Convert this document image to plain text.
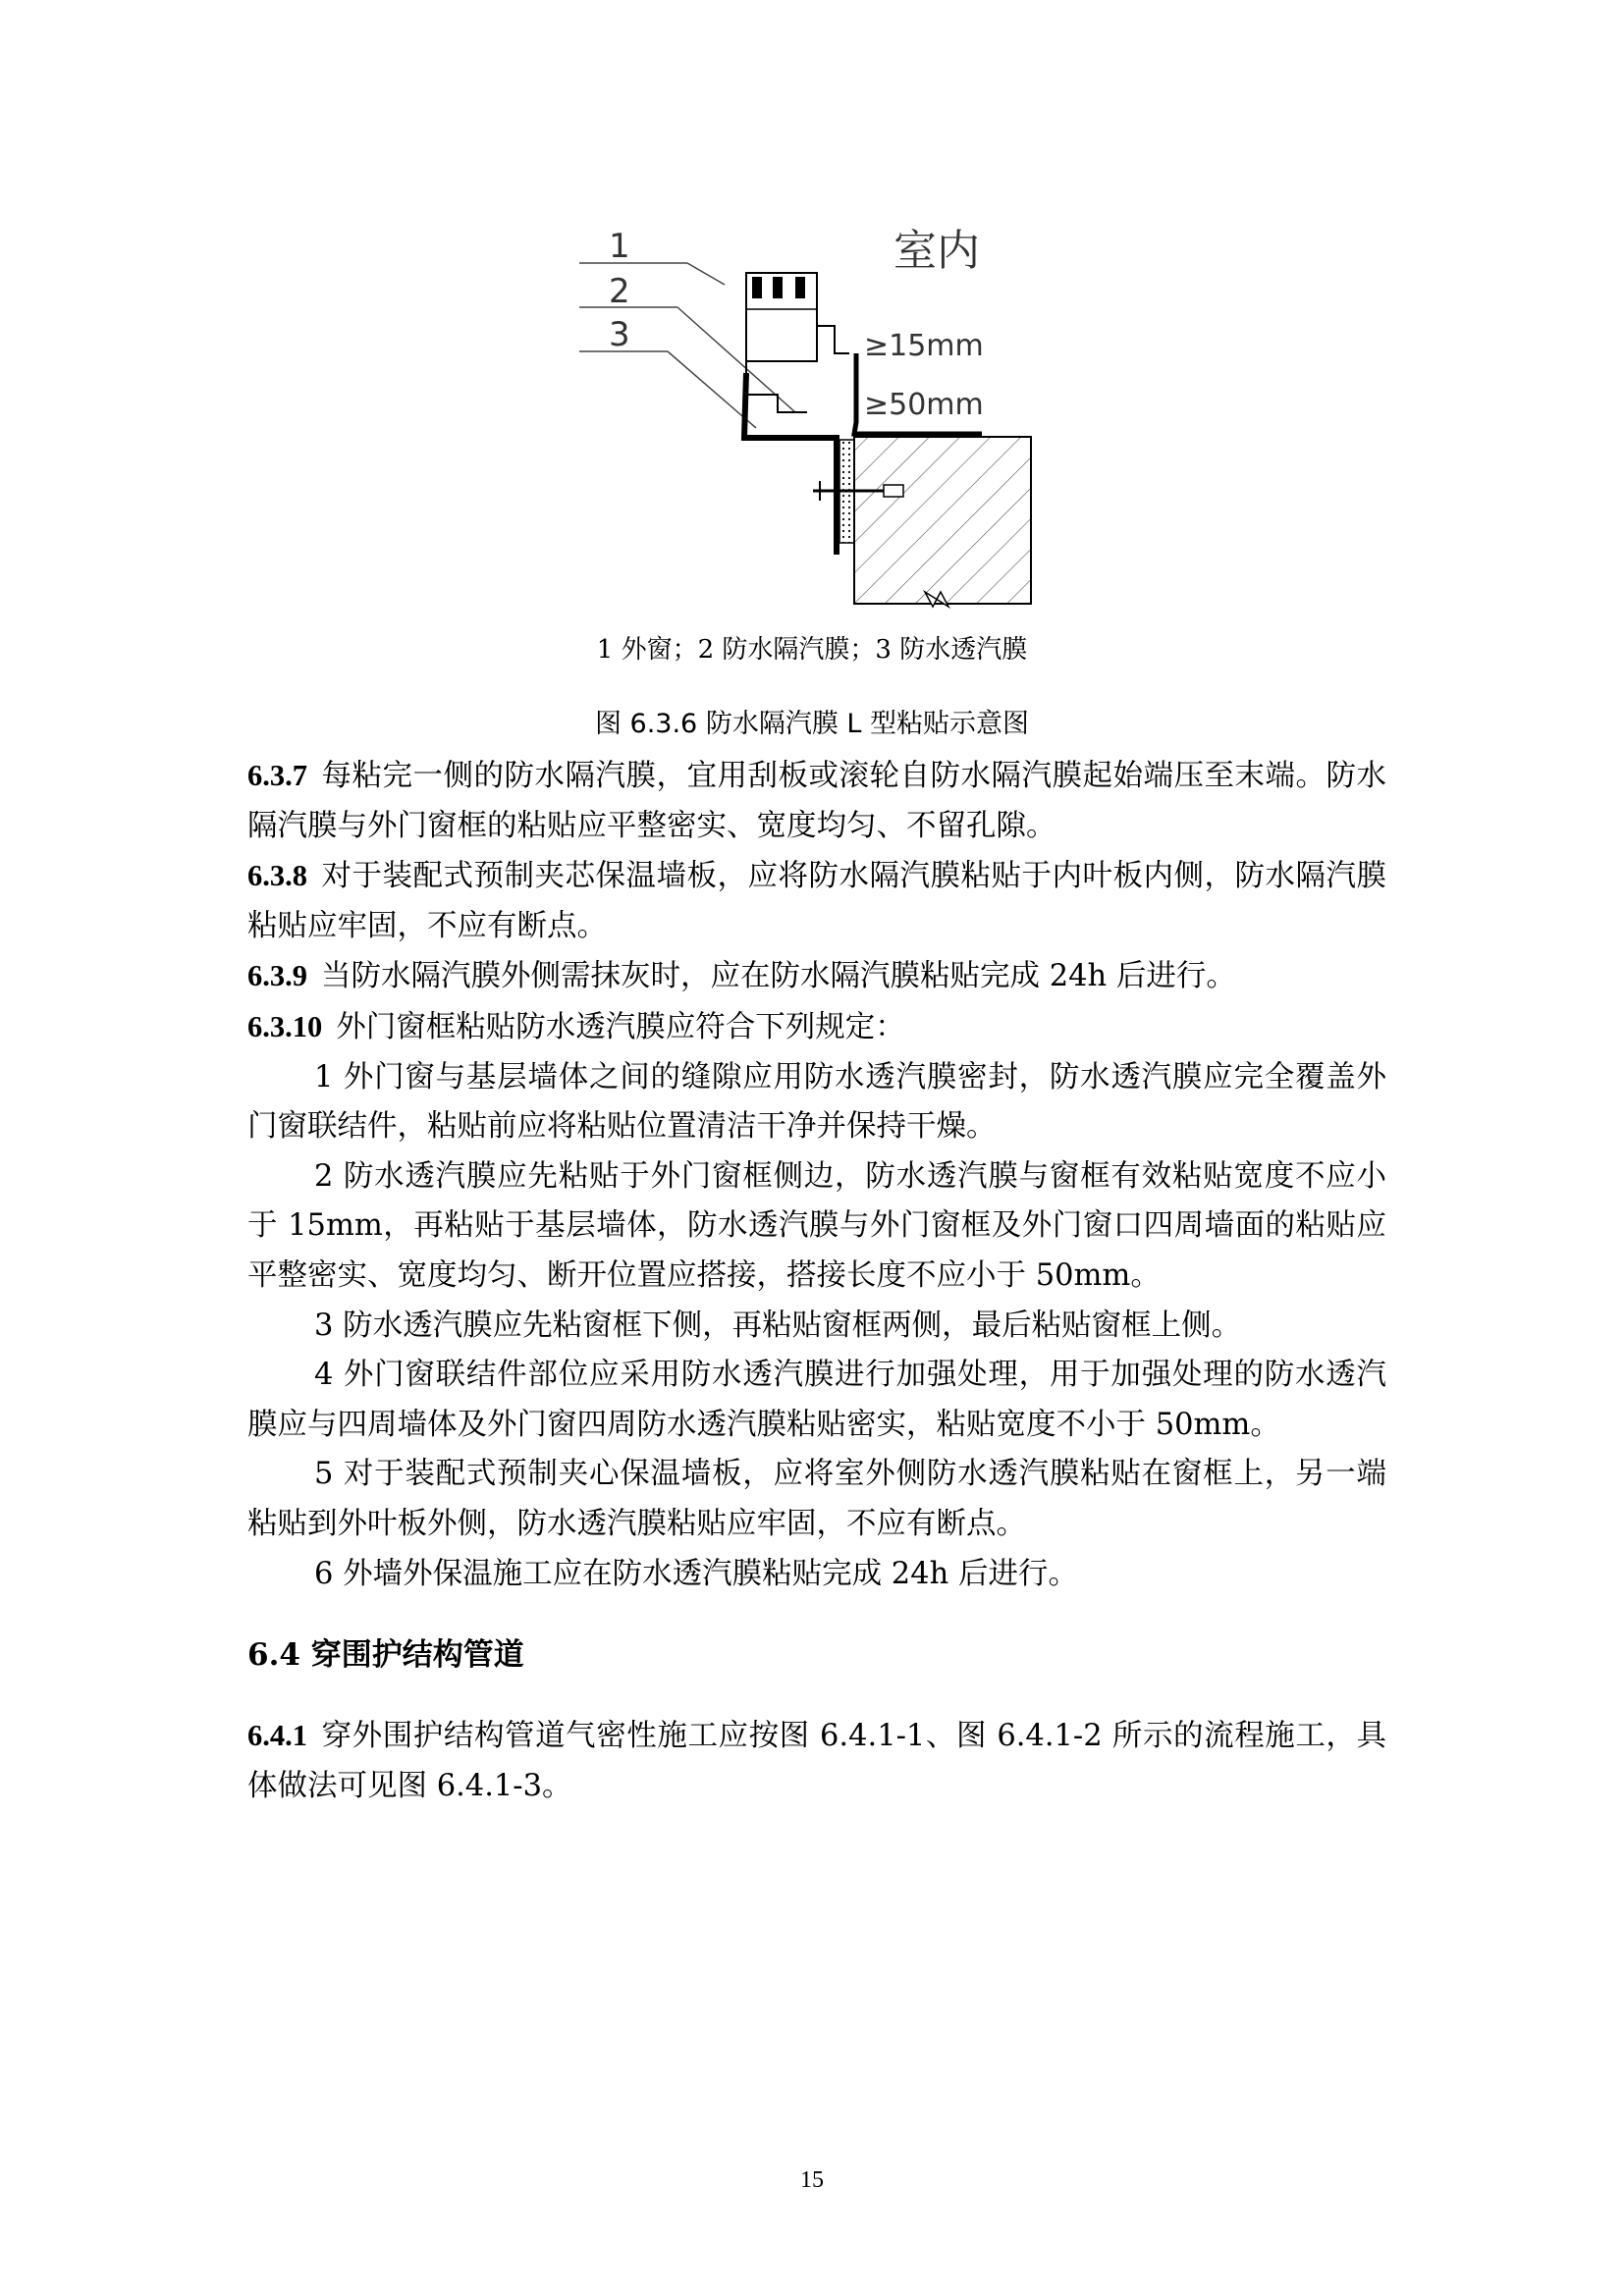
1
2
3
室内
≥15mm
≥50mm
1 外窗；2 防水隔汽膜；3 防水透汽膜
图 6.3.6 防水隔汽膜 L 型粘贴示意图

6.3.7 每粘完一侧的防水隔汽膜，宜用刮板或滚轮自防水隔汽膜起始端压至末端。防水隔汽膜与外门窗框的粘贴应平整密实、宽度均匀、不留孔隙。

6.3.8 对于装配式预制夹芯保温墙板，应将防水隔汽膜粘贴于内叶板内侧，防水隔汽膜粘贴应牢固，不应有断点。

6.3.9 当防水隔汽膜外侧需抹灰时，应在防水隔汽膜粘贴完成 24h 后进行。

6.3.10 外门窗框粘贴防水透汽膜应符合下列规定：

1 外门窗与基层墙体之间的缝隙应用防水透汽膜密封，防水透汽膜应完全覆盖外门窗联结件，粘贴前应将粘贴位置清洁干净并保持干燥。

2 防水透汽膜应先粘贴于外门窗框侧边，防水透汽膜与窗框有效粘贴宽度不应小于 15mm，再粘贴于基层墙体，防水透汽膜与外门窗框及外门窗口四周墙面的粘贴应平整密实、宽度均匀、断开位置应搭接，搭接长度不应小于 50mm。

3 防水透汽膜应先粘窗框下侧，再粘贴窗框两侧，最后粘贴窗框上侧。

4 外门窗联结件部位应采用防水透汽膜进行加强处理，用于加强处理的防水透汽膜应与四周墙体及外门窗四周防水透汽膜粘贴密实，粘贴宽度不小于 50mm。

5 对于装配式预制夹心保温墙板，应将室外侧防水透汽膜粘贴在窗框上，另一端粘贴到外叶板外侧，防水透汽膜粘贴应牢固，不应有断点。

6 外墙外保温施工应在防水透汽膜粘贴完成 24h 后进行。

6.4 穿围护结构管道

6.4.1 穿外围护结构管道气密性施工应按图 6.4.1-1、图 6.4.1-2 所示的流程施工，具体做法可见图 6.4.1-3。

15
